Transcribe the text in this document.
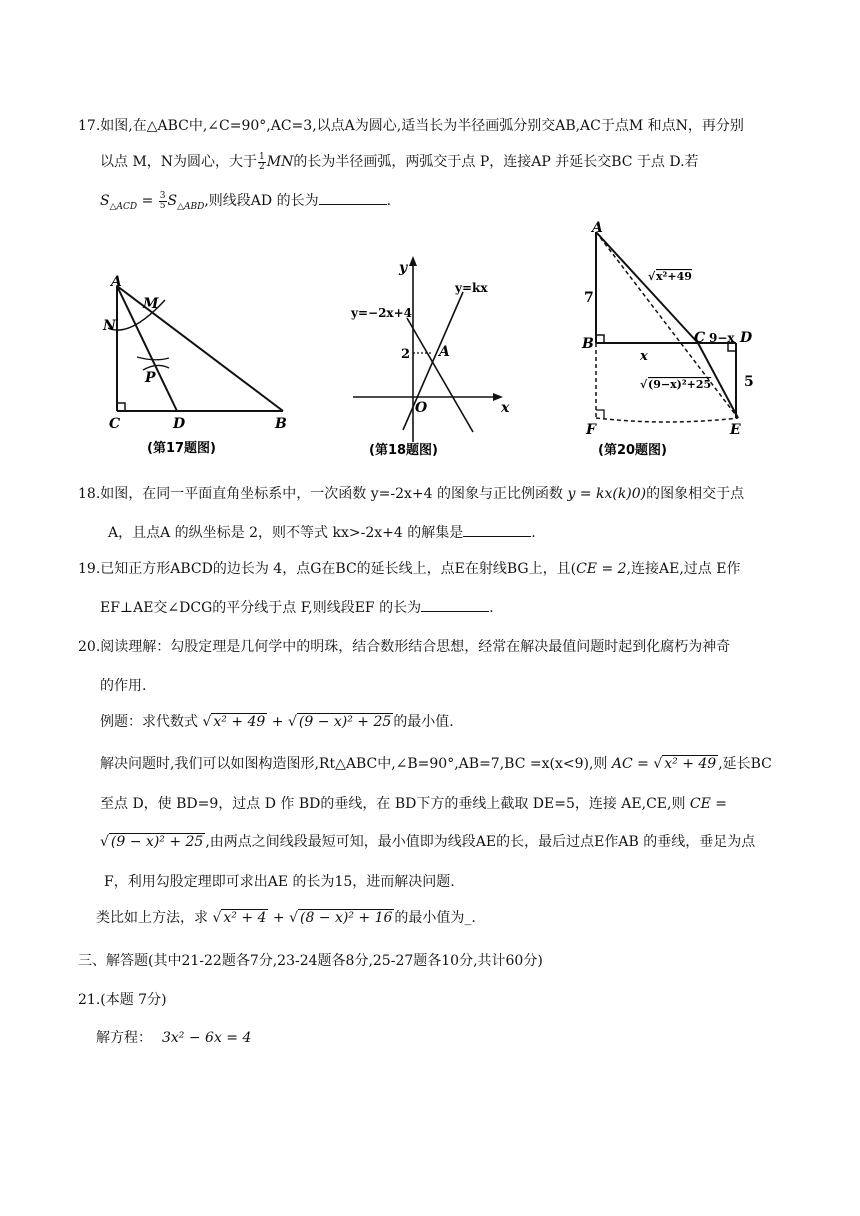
17.如图,在△ABC中,∠C=90°,AC=3,以点A为圆心,适当长为半径画弧分别交AB,AC于点M 和点N，再分别
以点 M，N为圆心，大于 $\frac{1}{2}$ MN的长为半径画弧，两弧交于点 P，连接AP 并延长交BC 于点 D.若
$S_{\triangle ACD} = \frac{3}{5} S_{\triangle ABD}$,则线段AD 的长为	.
A
M
N
P
C	D	B
(第17题图)
y
x
O
A
2
y=−2x+4
y=kx
(第18题图)
A
B	C D
E
F
7
5
x
9−x
√ x²+49
√ (9−x)²+25
(第20题图)
18.如图，在同一平面直角坐标系中，一次函数 y=-2x+4 的图象与正比例函数 y = kx(k)0)的图象相交于点
A，且点A 的纵坐标是 2，则不等式 kx>-2x+4 的解集是	.
19.已知正方形ABCD的边长为 4，点G在BC的延长线上，点E在射线BG上，且(CE = 2,连接AE,过点 E作
EF⊥AE交∠DCG的平分线于点 F,则线段EF 的长为	.
20.阅读理解：勾股定理是几何学中的明珠，结合数形结合思想，经常在解决最值问题时起到化腐朽为神奇
的作用.
例题：求代数式 √ x² + 49 + √ (9 − x)² + 25 的最小值.
解决问题时,我们可以如图构造图形,Rt△ABC中,∠B=90°,AB=7,BC =x(x<9),则 AC = √ x² + 49 ,延长BC
至点 D，使 BD=9，过点 D 作 BD的垂线，在 BD下方的垂线上截取 DE=5，连接 AE,CE,则 CE =
√ (9 − x)² + 25 ,由两点之间线段最短可知，最小值即为线段AE的长，最后过点E作AB 的垂线，垂足为点
F，利用勾股定理即可求出AE 的长为15，进而解决问题.
类比如上方法，求 √ x² + 4 + √ (8 − x)² + 16 的最小值为_.
三、解答题(其中21-22题各7分,23-24题各8分,25-27题各10分,共计60分)
21.(本题 7分)
解方程： 3x² − 6x = 4
